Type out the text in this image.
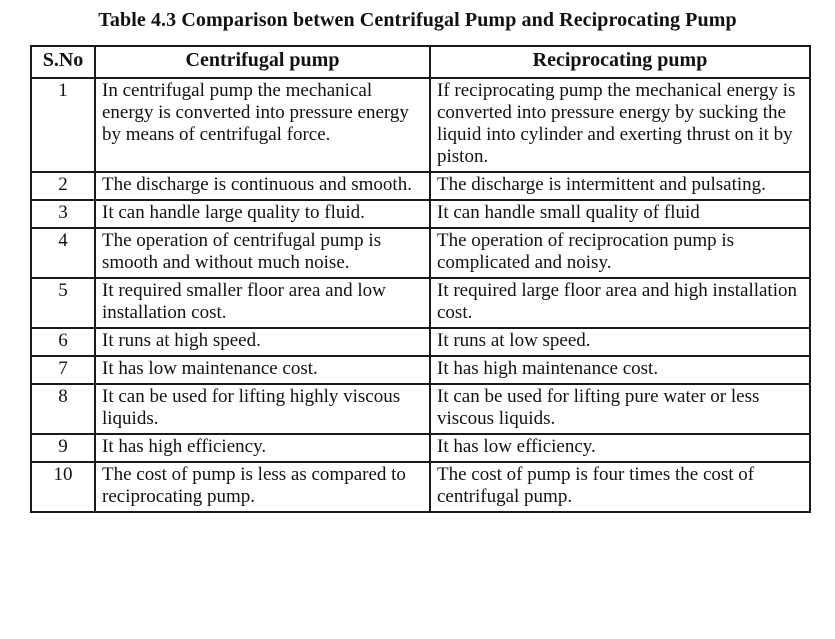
Table 4.3 Comparison betwen Centrifugal Pump and Reciprocating Pump
S.No	Centrifugal pump	Reciprocating pump
1	In centrifugal pump the mechanical energy is converted into pressure energy by means of centrifugal force.	If reciprocating pump the mechanical energy is converted into pressure energy by sucking the liquid into cylinder and exerting thrust on it by piston.
2	The discharge is continuous and smooth.	The discharge is intermittent and pulsating.
3	It can handle large quality to fluid.	It can handle small quality of fluid
4	The operation of centrifugal pump is smooth and without much noise.	The operation of reciprocation pump is complicated and noisy.
5	It required smaller floor area and low installation cost.	It required large floor area and high installation cost.
6	It runs at high speed.	It runs at low speed.
7	It has low maintenance cost.	It has high maintenance cost.
8	It can be used for lifting highly viscous liquids.	It can be used for lifting pure water or less viscous liquids.
9	It has high efficiency.	It has low efficiency.
10	The cost of pump is less as compared to reciprocating pump.	The cost of pump is four times the cost of centrifugal pump.
